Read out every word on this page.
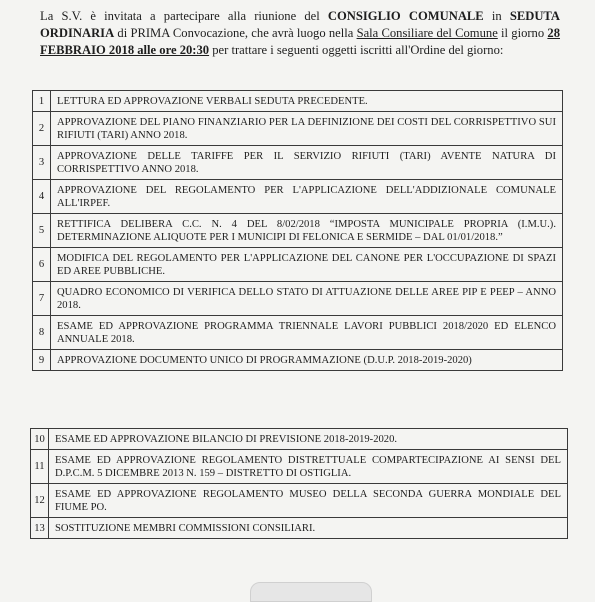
La S.V. è invitata a partecipare alla riunione del CONSIGLIO COMUNALE in SEDUTA ORDINARIA di PRIMA Convocazione, che avrà luogo nella Sala Consiliare del Comune il giorno 28 FEBBRAIO 2018 alle ore 20:30 per trattare i seguenti oggetti iscritti all'Ordine del giorno:

1	LETTURA ED APPROVAZIONE VERBALI SEDUTA PRECEDENTE.
2	APPROVAZIONE DEL PIANO FINANZIARIO PER LA DEFINIZIONE DEI COSTI DEL CORRISPETTIVO SUI RIFIUTI (TARI) ANNO 2018.
3	APPROVAZIONE DELLE TARIFFE PER IL SERVIZIO RIFIUTI (TARI) AVENTE NATURA DI CORRISPETTIVO ANNO 2018.
4	APPROVAZIONE DEL REGOLAMENTO PER L'APPLICAZIONE DELL'ADDIZIONALE COMUNALE ALL'IRPEF.
5	RETTIFICA DELIBERA C.C. N. 4 DEL 8/02/2018 “IMPOSTA MUNICIPALE PROPRIA (I.M.U.). DETERMINAZIONE ALIQUOTE PER I MUNICIPI DI FELONICA E SERMIDE – DAL 01/01/2018.”
6	MODIFICA DEL REGOLAMENTO PER L'APPLICAZIONE DEL CANONE PER L'OCCUPAZIONE DI SPAZI ED AREE PUBBLICHE.
7	QUADRO ECONOMICO DI VERIFICA DELLO STATO DI ATTUAZIONE DELLE AREE PIP E PEEP – ANNO 2018.
8	ESAME ED APPROVAZIONE PROGRAMMA TRIENNALE LAVORI PUBBLICI 2018/2020 ED ELENCO ANNUALE 2018.
9	APPROVAZIONE DOCUMENTO UNICO DI PROGRAMMAZIONE (D.U.P. 2018-2019-2020)
10	ESAME ED APPROVAZIONE BILANCIO DI PREVISIONE 2018-2019-2020.
11	ESAME ED APPROVAZIONE REGOLAMENTO DISTRETTUALE COMPARTECIPAZIONE AI SENSI DEL D.P.C.M. 5 DICEMBRE 2013 N. 159 – DISTRETTO DI OSTIGLIA.
12	ESAME ED APPROVAZIONE REGOLAMENTO MUSEO DELLA SECONDA GUERRA MONDIALE DEL FIUME PO.
13	SOSTITUZIONE MEMBRI COMMISSIONI CONSILIARI.
